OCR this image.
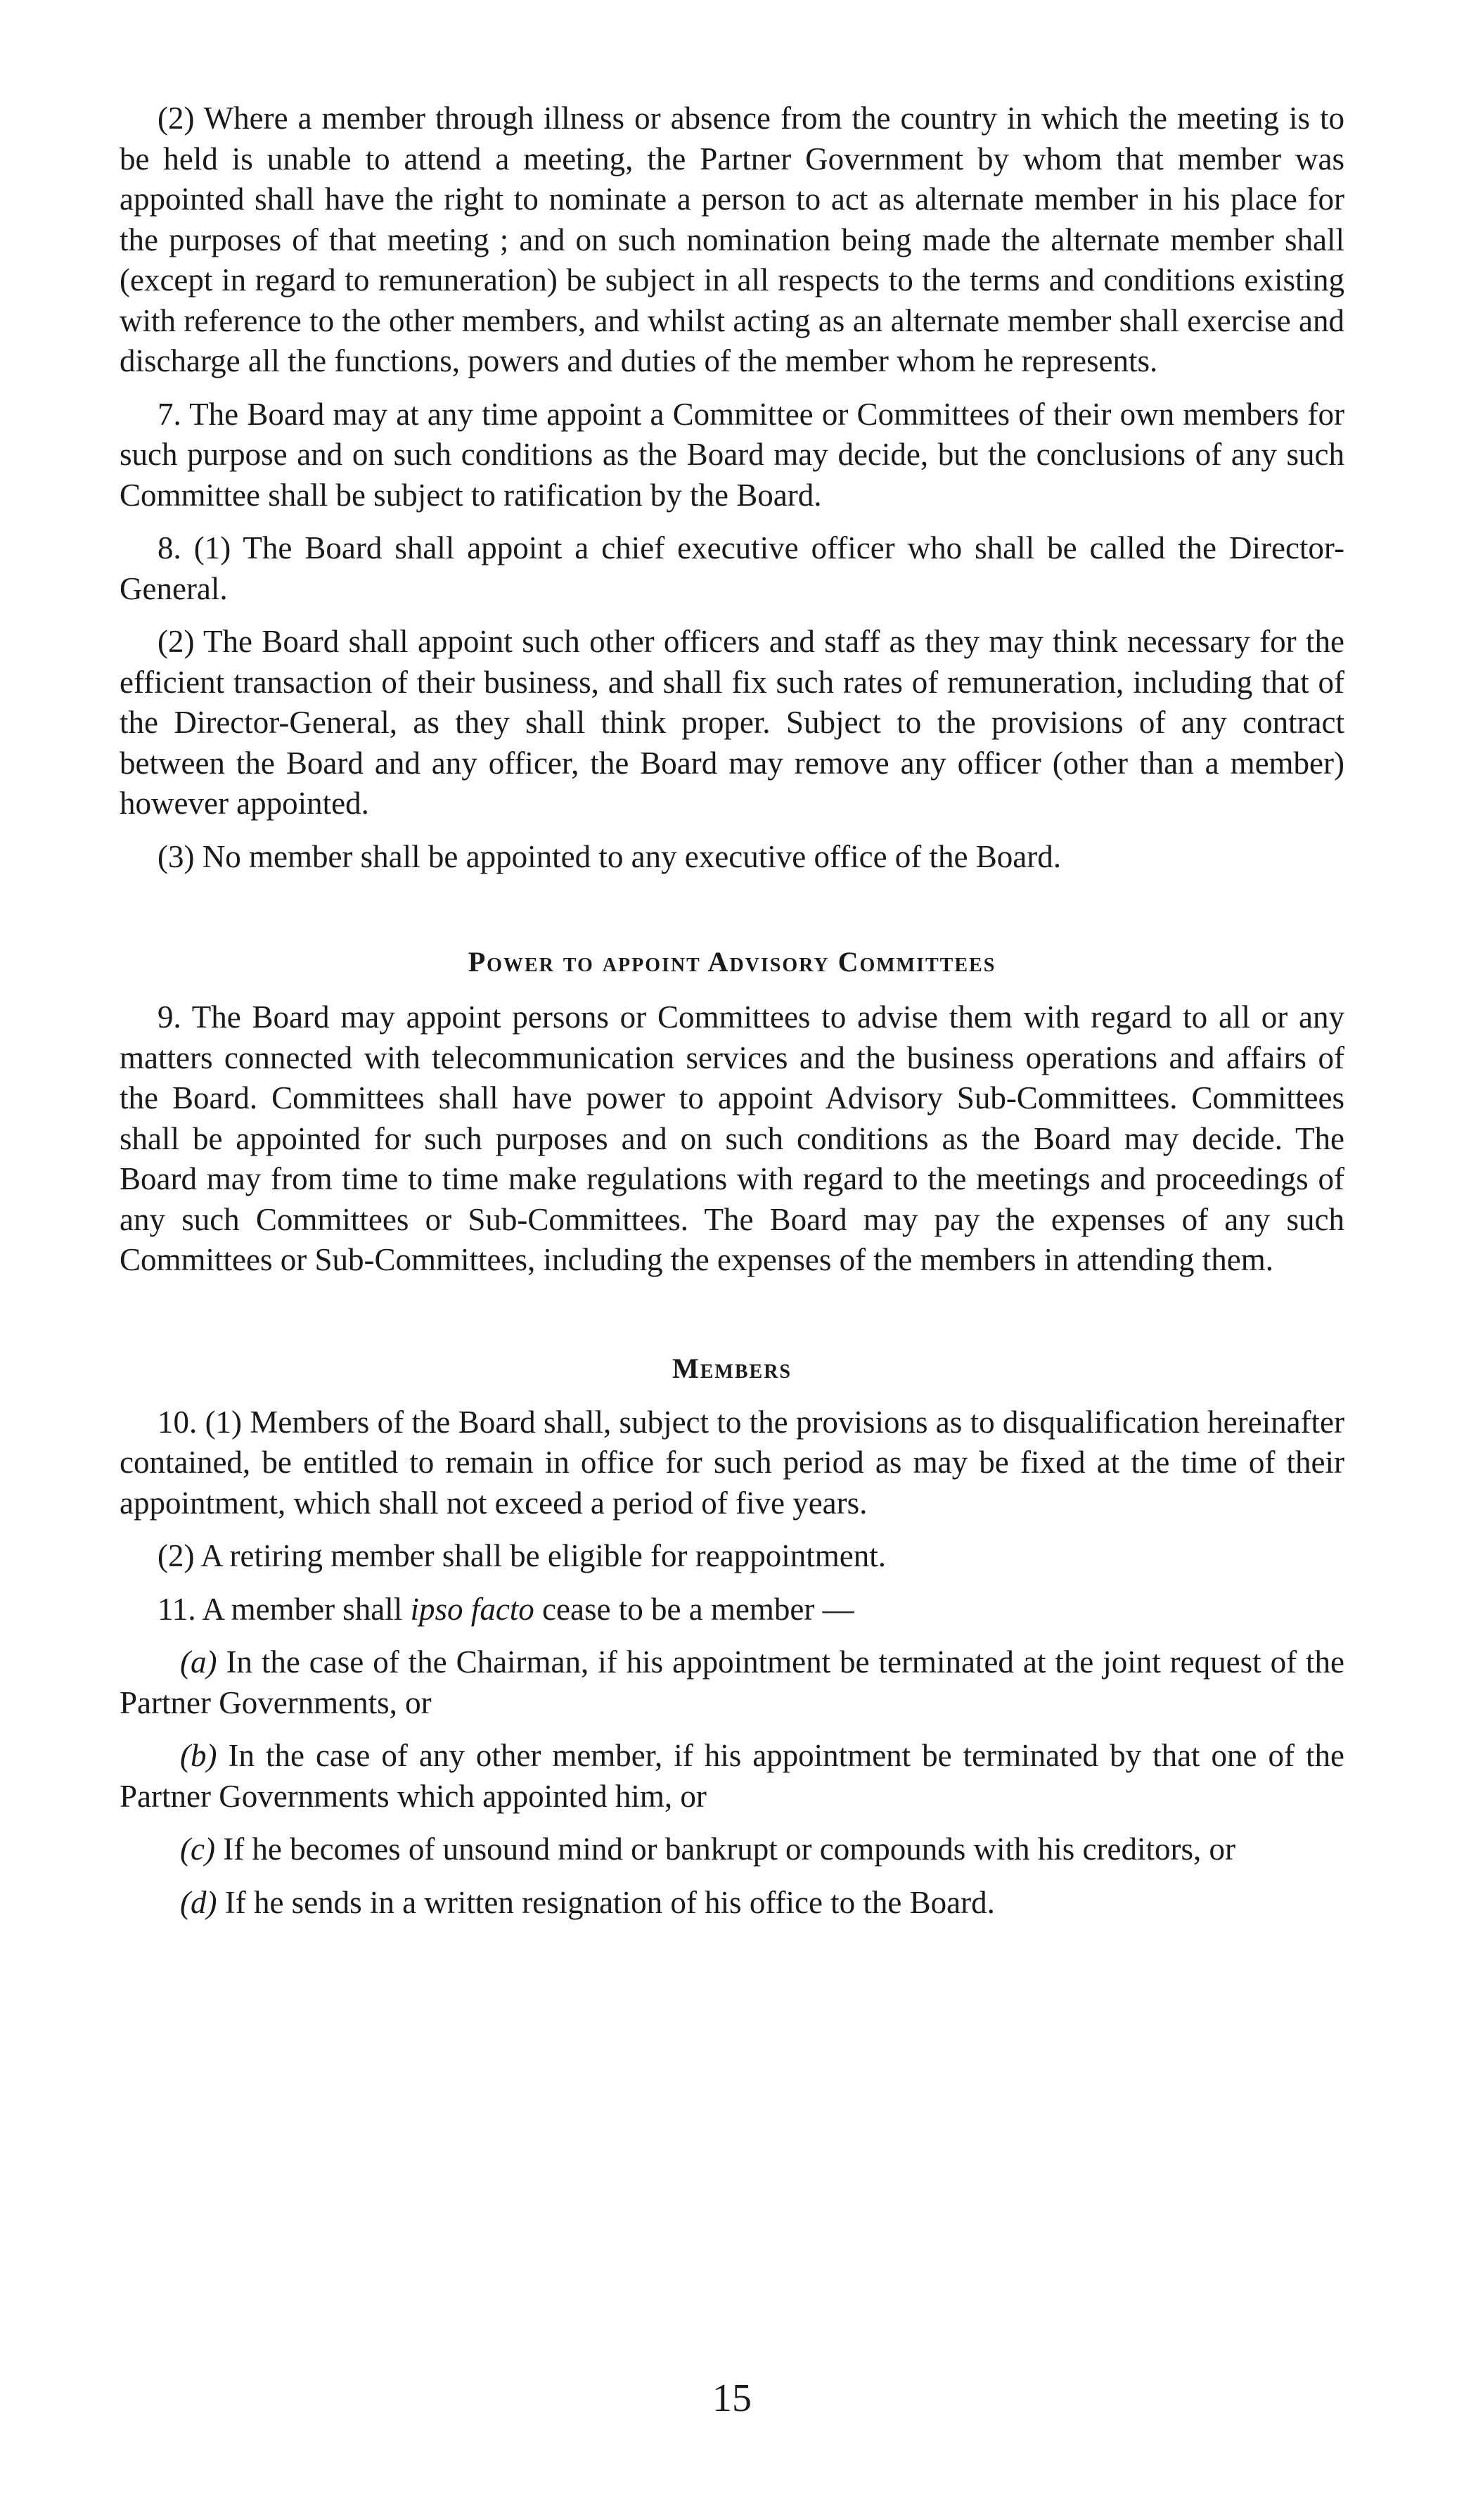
(2) Where a member through illness or absence from the country in which the meeting is to be held is unable to attend a meeting, the Partner Government by whom that member was appointed shall have the right to nominate a person to act as alternate member in his place for the purposes of that meeting ; and on such nomination being made the alternate member shall (except in regard to remuneration) be subject in all respects to the terms and conditions existing with reference to the other members, and whilst acting as an alternate member shall exercise and discharge all the functions, powers and duties of the member whom he represents.

7. The Board may at any time appoint a Committee or Committees of their own members for such purpose and on such conditions as the Board may decide, but the conclusions of any such Committee shall be subject to ratification by the Board.

8. (1) The Board shall appoint a chief executive officer who shall be called the Director-General.

(2) The Board shall appoint such other officers and staff as they may think necessary for the efficient transaction of their business, and shall fix such rates of remuneration, including that of the Director-General, as they shall think proper. Subject to the provisions of any contract between the Board and any officer, the Board may remove any officer (other than a member) however appointed.

(3) No member shall be appointed to any executive office of the Board.

Power to appoint Advisory Committees

9. The Board may appoint persons or Committees to advise them with regard to all or any matters connected with telecommunication services and the business operations and affairs of the Board. Committees shall have power to appoint Advisory Sub-Committees. Committees shall be appointed for such purposes and on such conditions as the Board may decide. The Board may from time to time make regulations with regard to the meetings and proceedings of any such Committees or Sub-Committees. The Board may pay the expenses of any such Committees or Sub-Committees, including the expenses of the members in attending them.

Members

10. (1) Members of the Board shall, subject to the provisions as to disqualification hereinafter contained, be entitled to remain in office for such period as may be fixed at the time of their appointment, which shall not exceed a period of five years.

(2) A retiring member shall be eligible for reappointment.

11. A member shall ipso facto cease to be a member —

(a) In the case of the Chairman, if his appointment be terminated at the joint request of the Partner Governments, or

(b) In the case of any other member, if his appointment be terminated by that one of the Partner Governments which appointed him, or

(c) If he becomes of unsound mind or bankrupt or compounds with his creditors, or

(d) If he sends in a written resignation of his office to the Board.

15
